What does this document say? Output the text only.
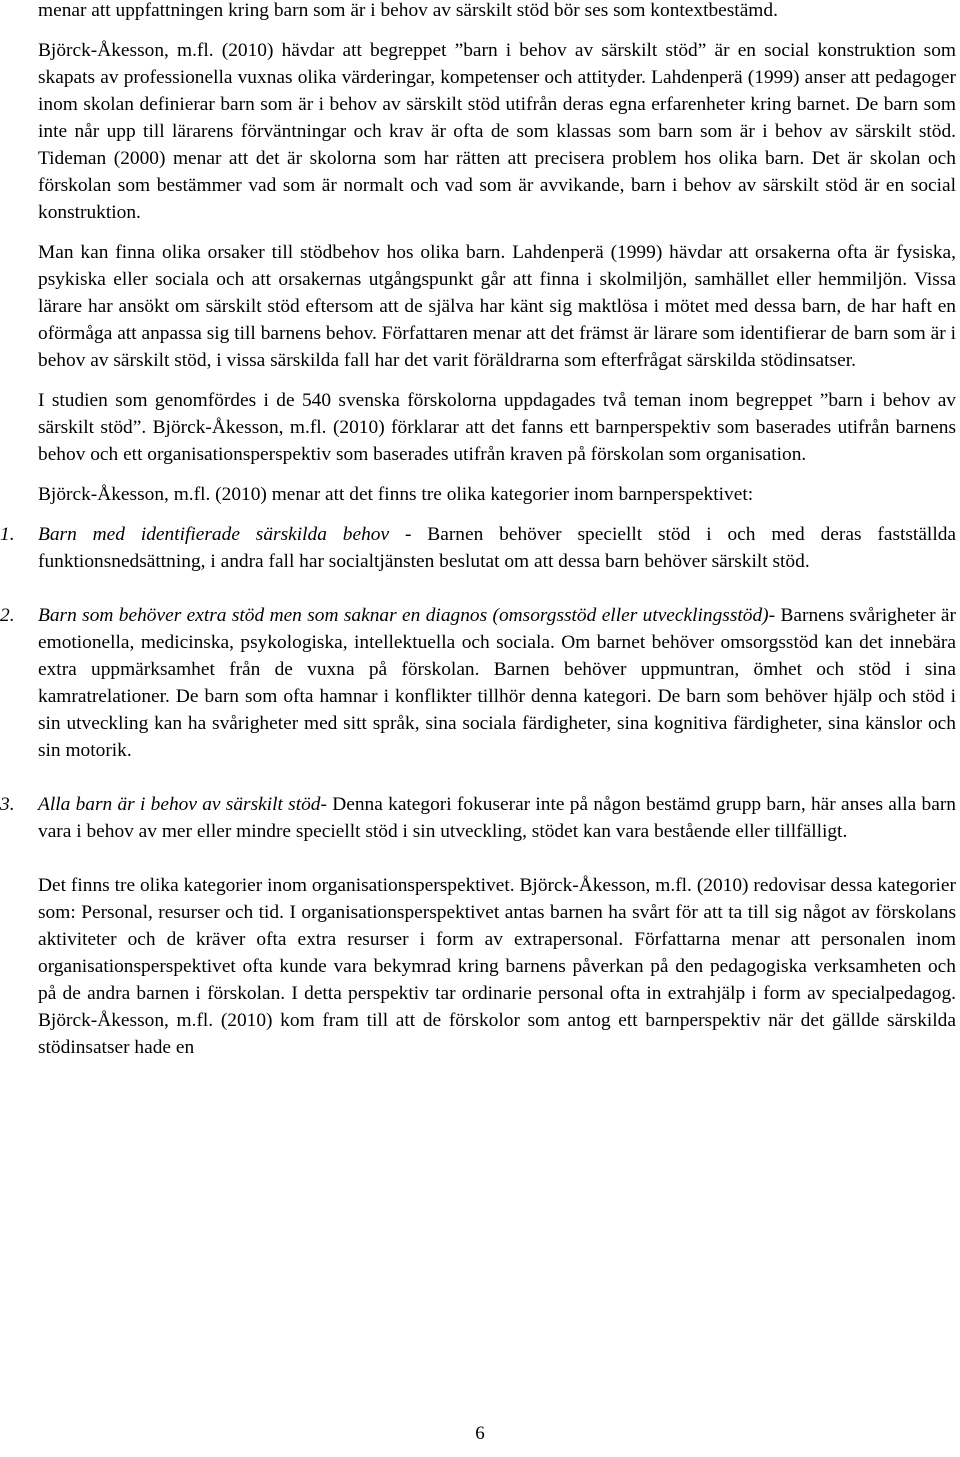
menar att uppfattningen kring barn som är i behov av särskilt stöd bör ses som kontextbestämd.

Björck-Åkesson, m.fl. (2010) hävdar att begreppet ”barn i behov av särskilt stöd” är en social konstruktion som skapats av professionella vuxnas olika värderingar, kompetenser och attityder. Lahdenperä (1999) anser att pedagoger inom skolan definierar barn som är i behov av särskilt stöd utifrån deras egna erfarenheter kring barnet. De barn som inte når upp till lärarens förväntningar och krav är ofta de som klassas som barn som är i behov av särskilt stöd. Tideman (2000) menar att det är skolorna som har rätten att precisera problem hos olika barn. Det är skolan och förskolan som bestämmer vad som är normalt och vad som är avvikande, barn i behov av särskilt stöd är en social konstruktion.

Man kan finna olika orsaker till stödbehov hos olika barn. Lahdenperä (1999) hävdar att orsakerna ofta är fysiska, psykiska eller sociala och att orsakernas utgångspunkt går att finna i skolmiljön, samhället eller hemmiljön. Vissa lärare har ansökt om särskilt stöd eftersom att de själva har känt sig maktlösa i mötet med dessa barn, de har haft en oförmåga att anpassa sig till barnens behov. Författaren menar att det främst är lärare som identifierar de barn som är i behov av särskilt stöd, i vissa särskilda fall har det varit föräldrarna som efterfrågat särskilda stödinsatser.

I studien som genomfördes i de 540 svenska förskolorna uppdagades två teman inom begreppet ”barn i behov av särskilt stöd”. Björck-Åkesson, m.fl. (2010) förklarar att det fanns ett barnperspektiv som baserades utifrån barnens behov och ett organisationsperspektiv som baserades utifrån kraven på förskolan som organisation.

Björck-Åkesson, m.fl. (2010) menar att det finns tre olika kategorier inom barnperspektivet:

1. Barn med identifierade särskilda behov - Barnen behöver speciellt stöd i och med deras fastställda funktionsnedsättning, i andra fall har socialtjänsten beslutat om att dessa barn behöver särskilt stöd.

2. Barn som behöver extra stöd men som saknar en diagnos (omsorgsstöd eller utvecklingsstöd)- Barnens svårigheter är emotionella, medicinska, psykologiska, intellektuella och sociala. Om barnet behöver omsorgsstöd kan det innebära extra uppmärksamhet från de vuxna på förskolan. Barnen behöver uppmuntran, ömhet och stöd i sina kamratrelationer. De barn som ofta hamnar i konflikter tillhör denna kategori. De barn som behöver hjälp och stöd i sin utveckling kan ha svårigheter med sitt språk, sina sociala färdigheter, sina kognitiva färdigheter, sina känslor och sin motorik.

3. Alla barn är i behov av särskilt stöd- Denna kategori fokuserar inte på någon bestämd grupp barn, här anses alla barn vara i behov av mer eller mindre speciellt stöd i sin utveckling, stödet kan vara bestående eller tillfälligt.

Det finns tre olika kategorier inom organisationsperspektivet. Björck-Åkesson, m.fl. (2010) redovisar dessa kategorier som: Personal, resurser och tid. I organisationsperspektivet antas barnen ha svårt för att ta till sig något av förskolans aktiviteter och de kräver ofta extra resurser i form av extrapersonal. Författarna menar att personalen inom organisationsperspektivet ofta kunde vara bekymrad kring barnens påverkan på den pedagogiska verksamheten och på de andra barnen i förskolan. I detta perspektiv tar ordinarie personal ofta in extrahjälp i form av specialpedagog. Björck-Åkesson, m.fl. (2010) kom fram till att de förskolor som antog ett barnperspektiv när det gällde särskilda stödinsatser hade en

6
